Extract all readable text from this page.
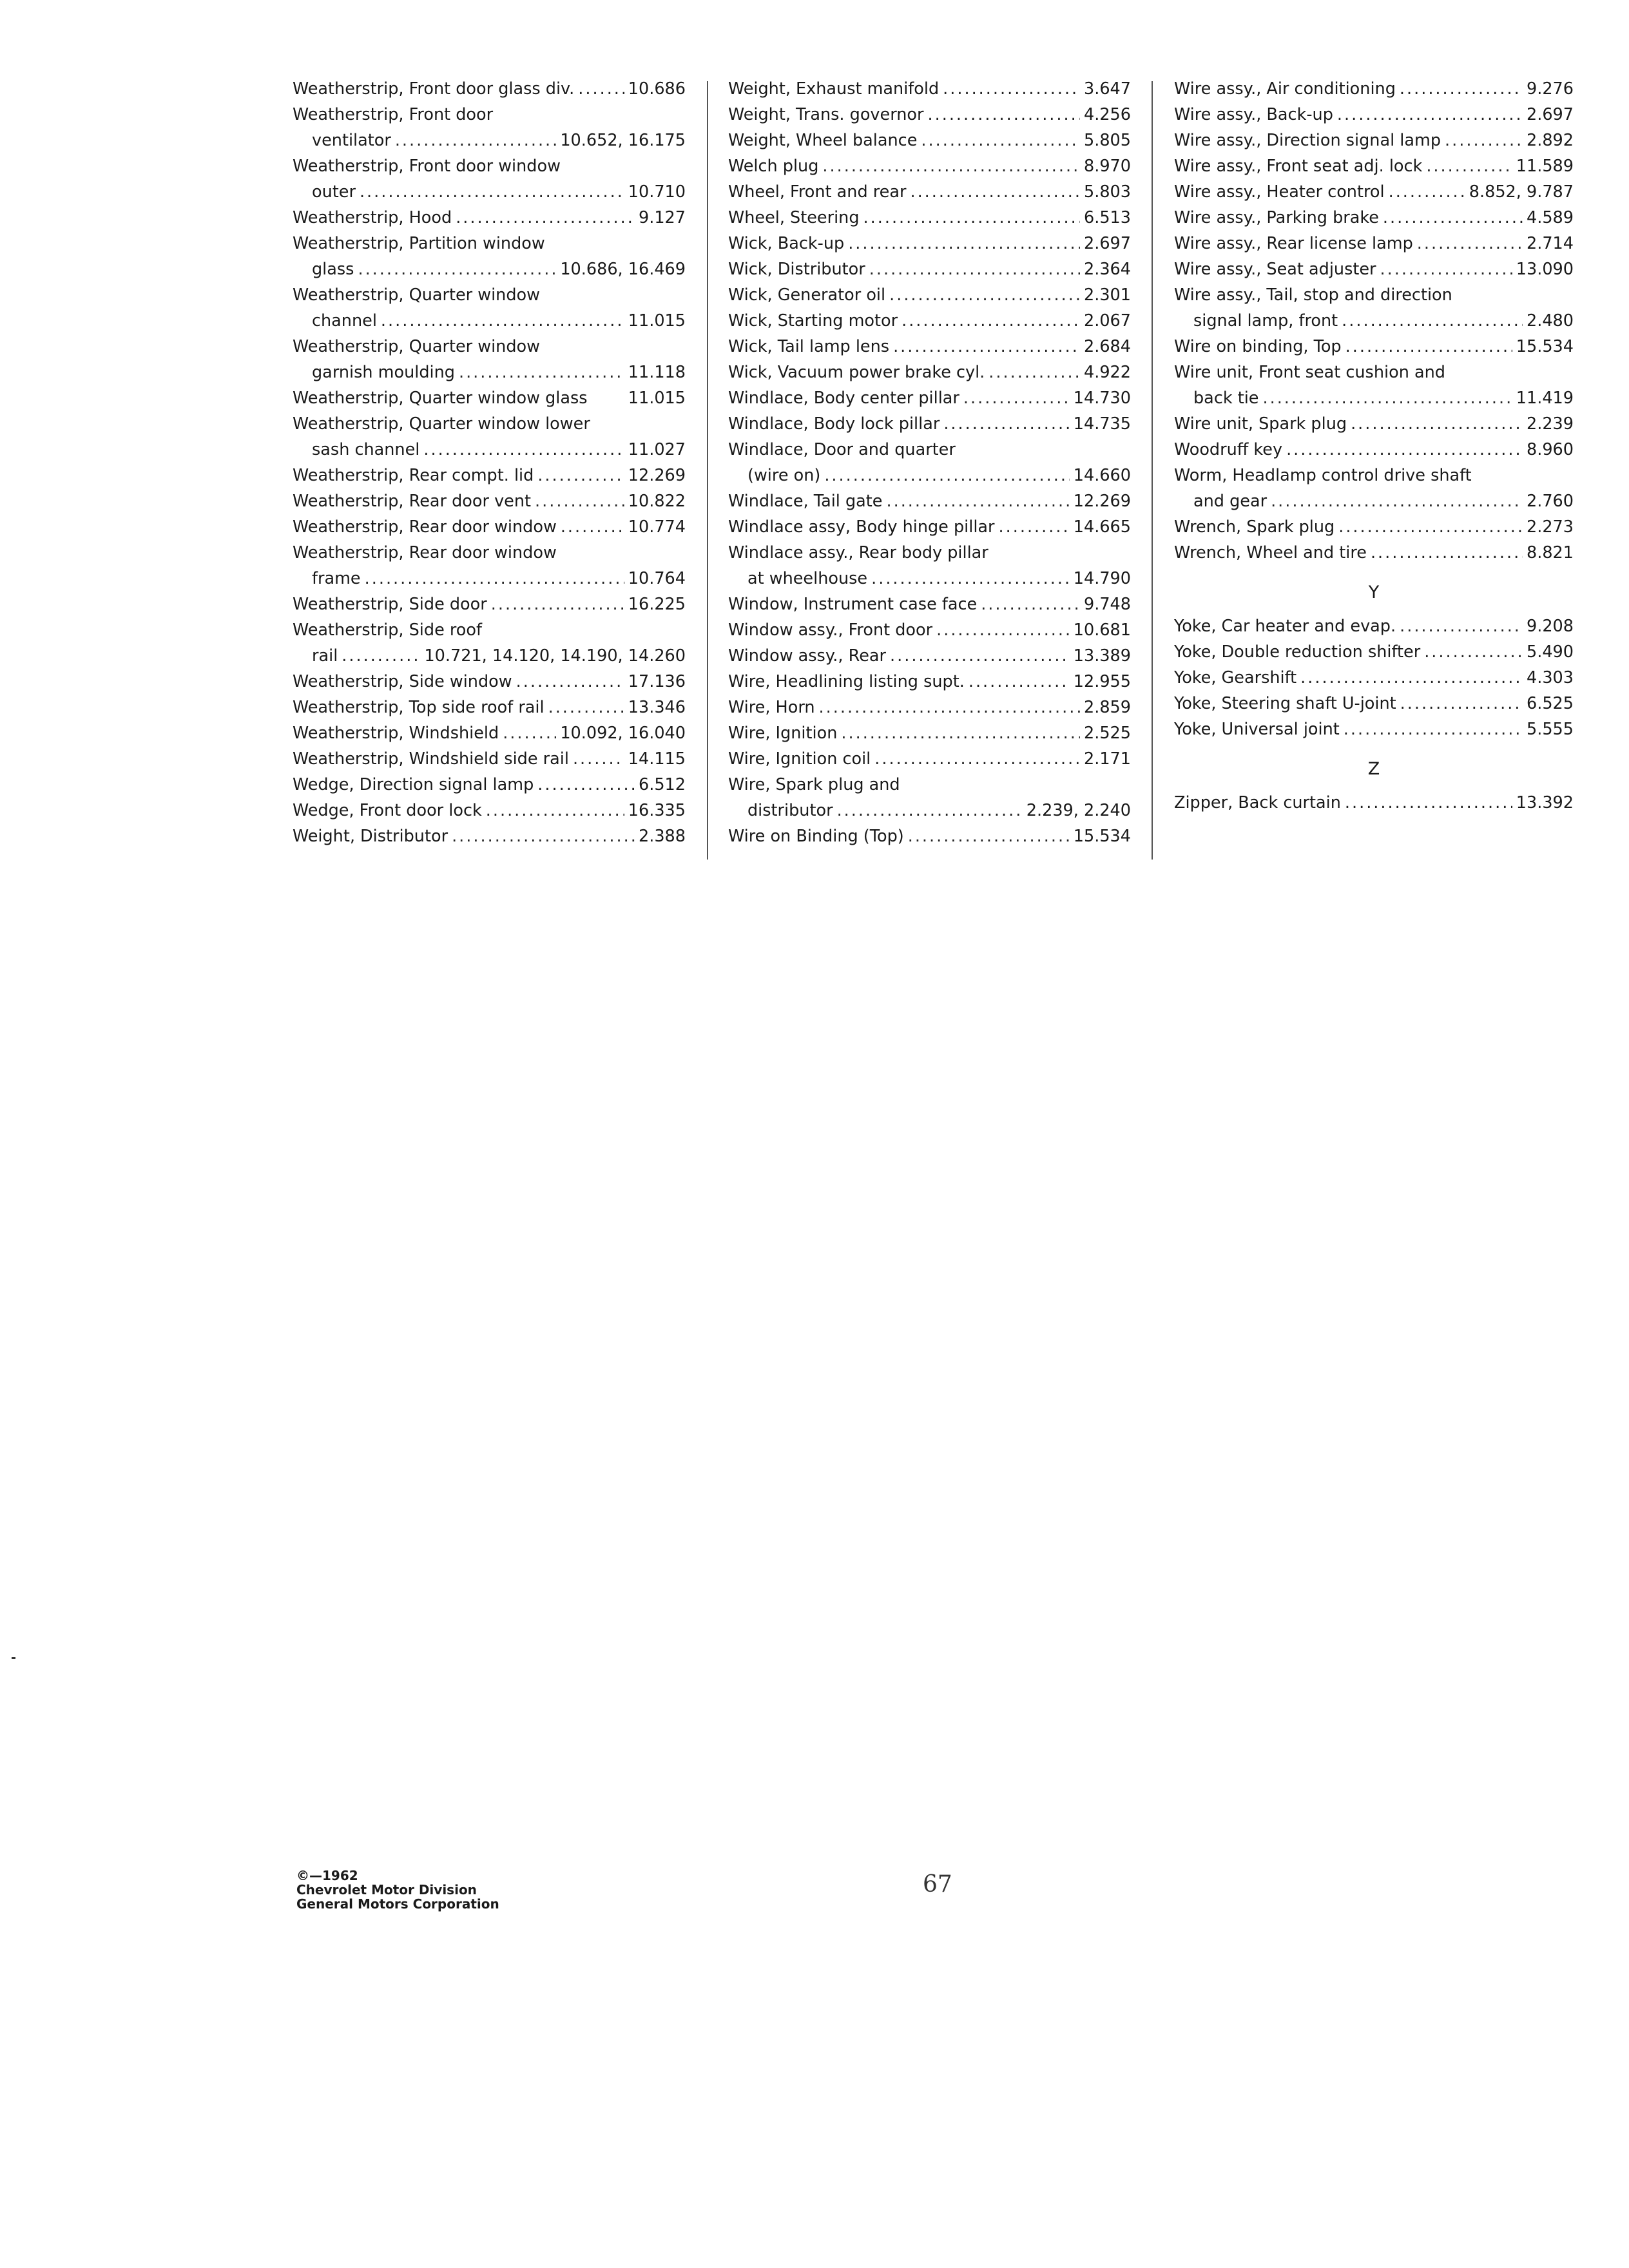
Weatherstrip, Front door glass div. .....	10.686
Weatherstrip, Front door
ventilator .....	10.652, 16.175
Weatherstrip, Front door window
outer .....	10.710
Weatherstrip, Hood .....	9.127
Weatherstrip, Partition window
glass .....	10.686, 16.469
Weatherstrip, Quarter window
channel .....	11.015
Weatherstrip, Quarter window
garnish moulding .....	11.118
Weatherstrip, Quarter window glass 11.015
Weatherstrip, Quarter window lower
sash channel .....	11.027
Weatherstrip, Rear compt. lid .....	12.269
Weatherstrip, Rear door vent .....	10.822
Weatherstrip, Rear door window .....	10.774
Weatherstrip, Rear door window
frame .....	10.764
Weatherstrip, Side door .....	16.225
Weatherstrip, Side roof
rail .....	10.721, 14.120, 14.190, 14.260
Weatherstrip, Side window .....	17.136
Weatherstrip, Top side roof rail .....	13.346
Weatherstrip, Windshield .....	10.092, 16.040
Weatherstrip, Windshield side rail .....	14.115
Wedge, Direction signal lamp .....	6.512
Wedge, Front door lock .....	16.335
Weight, Distributor .....	2.388
Weight, Exhaust manifold .....	3.647
Weight, Trans. governor .....	4.256
Weight, Wheel balance .....	5.805
Welch plug .....	8.970
Wheel, Front and rear .....	5.803
Wheel, Steering .....	6.513
Wick, Back-up .....	2.697
Wick, Distributor .....	2.364
Wick, Generator oil .....	2.301
Wick, Starting motor .....	2.067
Wick, Tail lamp lens .....	2.684
Wick, Vacuum power brake cyl. .....	4.922
Windlace, Body center pillar .....	14.730
Windlace, Body lock pillar .....	14.735
Windlace, Door and quarter
(wire on) .....	14.660
Windlace, Tail gate .....	12.269
Windlace assy, Body hinge pillar .....	14.665
Windlace assy., Rear body pillar
at wheelhouse .....	14.790
Window, Instrument case face .....	9.748
Window assy., Front door .....	10.681
Window assy., Rear .....	13.389
Wire, Headlining listing supt. .....	12.955
Wire, Horn .....	2.859
Wire, Ignition .....	2.525
Wire, Ignition coil .....	2.171
Wire, Spark plug and
distributor .....	2.239, 2.240
Wire on Binding (Top) .....	15.534
Wire assy., Air conditioning .....	9.276
Wire assy., Back-up .....	2.697
Wire assy., Direction signal lamp .....	2.892
Wire assy., Front seat adj. lock .....	11.589
Wire assy., Heater control .....	8.852, 9.787
Wire assy., Parking brake .....	4.589
Wire assy., Rear license lamp .....	2.714
Wire assy., Seat adjuster .....	13.090
Wire assy., Tail, stop and direction
signal lamp, front .....	2.480
Wire on binding, Top .....	15.534
Wire unit, Front seat cushion and
back tie .....	11.419
Wire unit, Spark plug .....	2.239
Woodruff key .....	8.960
Worm, Headlamp control drive shaft
and gear .....	2.760
Wrench, Spark plug .....	2.273
Wrench, Wheel and tire .....	8.821
Y
Yoke, Car heater and evap. .....	9.208
Yoke, Double reduction shifter .....	5.490
Yoke, Gearshift .....	4.303
Yoke, Steering shaft U-joint .....	6.525
Yoke, Universal joint .....	5.555
Z
Zipper, Back curtain .....	13.392
©—1962
Chevrolet Motor Division
General Motors Corporation
67
